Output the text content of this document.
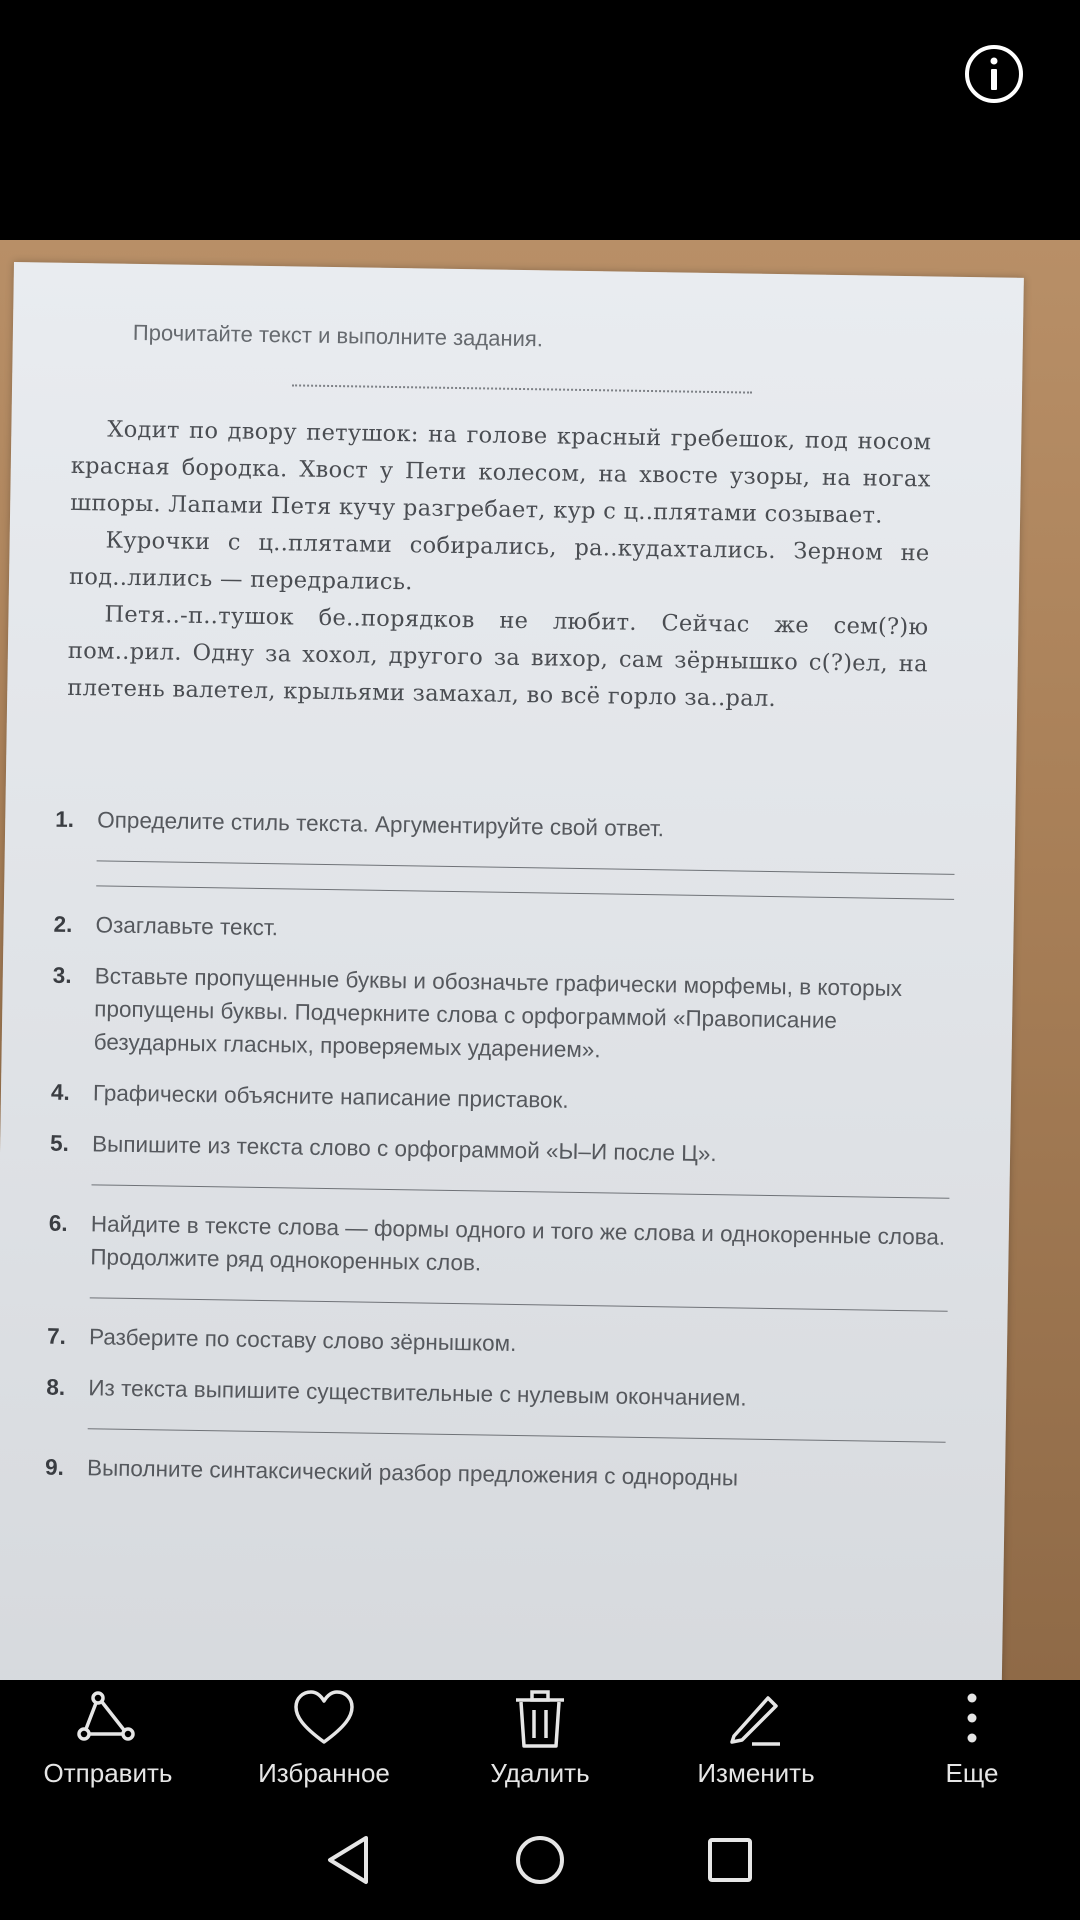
Прочитайте текст и выполните задания.

Ходит по двору петушок: на голове красный гребешок, под носом красная бородка. Хвост у Пети колесом, на хвосте узоры, на ногах шпоры. Лапами Петя кучу разгребает, кур с ц..плятами созывает.

Курочки с ц..плятами собирались, ра..кудахтались. Зерном не под..лились — передрались.

Петя..-п..тушок бе..порядков не любит. Сейчас же сем(?)ю пом..рил. Одну за хохол, другого за вихор, сам зёрнышко с(?)ел, на плетень валетел, крыльями замахал, во всё горло за..рал.

1.	Определите стиль текста. Аргументируйте свой ответ.
2.	Озаглавьте текст.
3.	Вставьте пропущенные буквы и обозначьте графически морфемы, в которых пропущены буквы. Подчеркните слова с орфограммой «Правописание безударных гласных, проверяемых ударением».
4.	Графически объясните написание приставок.
5.	Выпишите из текста слово с орфограммой «Ы–И после Ц».
6.	Найдите в тексте слова — формы одного и того же слова и однокоренные слова. Продолжите ряд однокоренных слов.
7.	Разберите по составу слово зёрнышком.
8.	Из текста выпишите существительные с нулевым окончанием.
9.	Выполните синтаксический разбор предложения с однородны
Отправить	Избранное	Удалить	Изменить	Еще
